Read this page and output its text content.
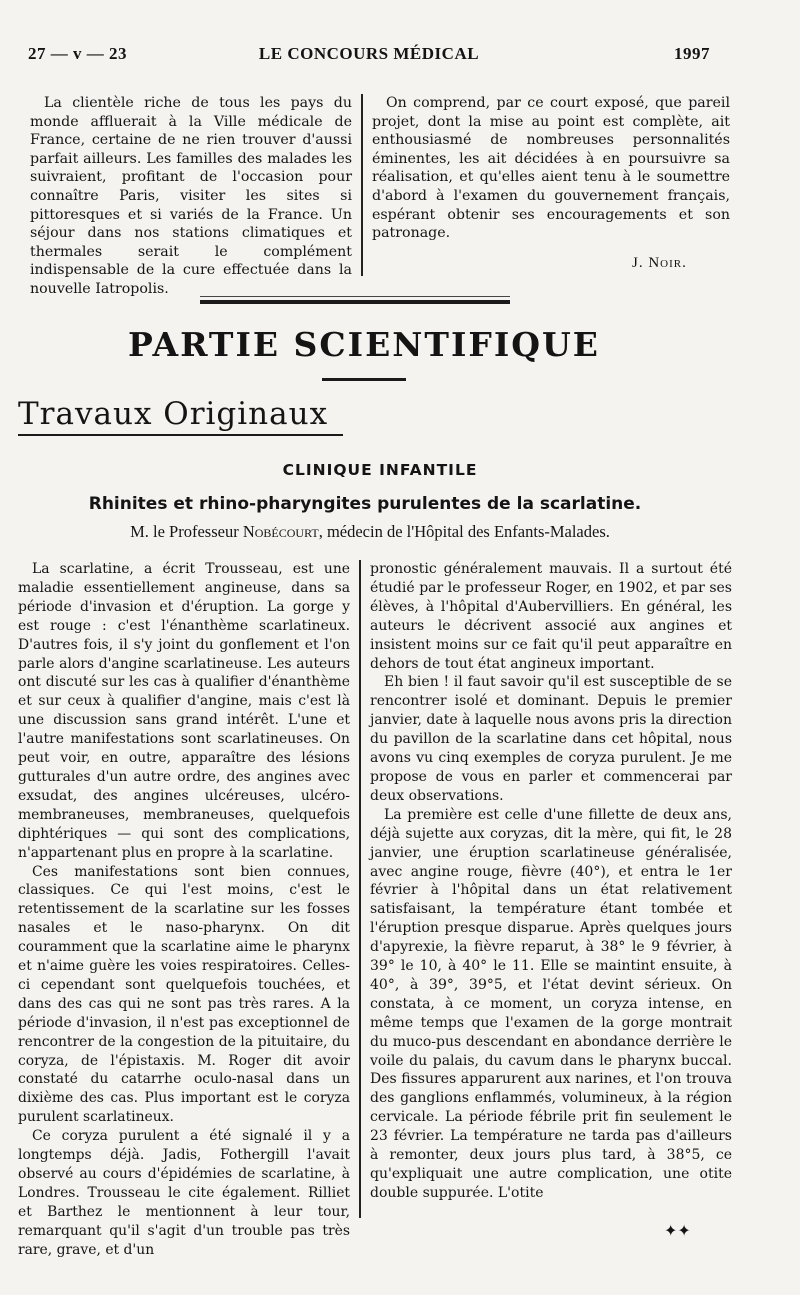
27 — v — 23	LE CONCOURS MÉDICAL	1997

La clientèle riche de tous les pays du monde affluerait à la Ville médicale de France, certaine de ne rien trouver d'aussi parfait ailleurs. Les familles des malades les suivraient, profitant de l'occasion pour connaître Paris, visiter les sites si pittoresques et si variés de la France. Un séjour dans nos stations climatiques et thermales serait le complément indispensable de la cure effectuée dans la nouvelle Iatropolis.

On comprend, par ce court exposé, que pareil projet, dont la mise au point est complète, ait enthousiasmé de nombreuses personnalités éminentes, les ait décidées à en poursuivre sa réalisation, et qu'elles aient tenu à le soumettre d'abord à l'examen du gouvernement français, espérant obtenir ses encouragements et son patronage.

J. Noir.
PARTIE SCIENTIFIQUE
Travaux Originaux
CLINIQUE INFANTILE
Rhinites et rhino-pharyngites purulentes de la scarlatine.
M. le Professeur Nobécourt, médecin de l'Hôpital des Enfants-Malades.

La scarlatine, a écrit Trousseau, est une maladie essentiellement angineuse, dans sa période d'invasion et d'éruption. La gorge y est rouge : c'est l'énanthème scarlatineux. D'autres fois, il s'y joint du gonflement et l'on parle alors d'angine scarlatineuse. Les auteurs ont discuté sur les cas à qualifier d'énanthème et sur ceux à qualifier d'angine, mais c'est là une discussion sans grand intérêt. L'une et l'autre manifestations sont scarlatineuses. On peut voir, en outre, apparaître des lésions gutturales d'un autre ordre, des angines avec exsudat, des angines ulcéreuses, ulcéro-membraneuses, membraneuses, quelquefois diphtériques — qui sont des complications, n'appartenant plus en propre à la scarlatine.

Ces manifestations sont bien connues, classiques. Ce qui l'est moins, c'est le retentissement de la scarlatine sur les fosses nasales et le naso-pharynx. On dit couramment que la scarlatine aime le pharynx et n'aime guère les voies respiratoires. Celles-ci cependant sont quelquefois touchées, et dans des cas qui ne sont pas très rares. A la période d'invasion, il n'est pas exceptionnel de rencontrer de la congestion de la pituitaire, du coryza, de l'épistaxis. M. Roger dit avoir constaté du catarrhe oculo-nasal dans un dixième des cas. Plus important est le coryza purulent scarlatineux.

Ce coryza purulent a été signalé il y a longtemps déjà. Jadis, Fothergill l'avait observé au cours d'épidémies de scarlatine, à Londres. Trousseau le cite également. Rilliet et Barthez le mentionnent à leur tour, remarquant qu'il s'agit d'un trouble pas très rare, grave, et d'un

pronostic généralement mauvais. Il a surtout été étudié par le professeur Roger, en 1902, et par ses élèves, à l'hôpital d'Aubervilliers. En général, les auteurs le décrivent associé aux angines et insistent moins sur ce fait qu'il peut apparaître en dehors de tout état angineux important.

Eh bien ! il faut savoir qu'il est susceptible de se rencontrer isolé et dominant. Depuis le premier janvier, date à laquelle nous avons pris la direction du pavillon de la scarlatine dans cet hôpital, nous avons vu cinq exemples de coryza purulent. Je me propose de vous en parler et commencerai par deux observations.

La première est celle d'une fillette de deux ans, déjà sujette aux coryzas, dit la mère, qui fit, le 28 janvier, une éruption scarlatineuse généralisée, avec angine rouge, fièvre (40°), et entra le 1er février à l'hôpital dans un état relativement satisfaisant, la température étant tombée et l'éruption presque disparue. Après quelques jours d'apyrexie, la fièvre reparut, à 38° le 9 février, à 39° le 10, à 40° le 11. Elle se maintint ensuite, à 40°, à 39°, 39°5, et l'état devint sérieux. On constata, à ce moment, un coryza intense, en même temps que l'examen de la gorge montrait du muco-pus descendant en abondance derrière le voile du palais, du cavum dans le pharynx buccal. Des fissures apparurent aux narines, et l'on trouva des ganglions enflammés, volumineux, à la région cervicale. La période fébrile prit fin seulement le 23 février. La température ne tarda pas d'ailleurs à remonter, deux jours plus tard, à 38°5, ce qu'expliquait une autre complication, une otite double suppurée. L'otite

✦✦
